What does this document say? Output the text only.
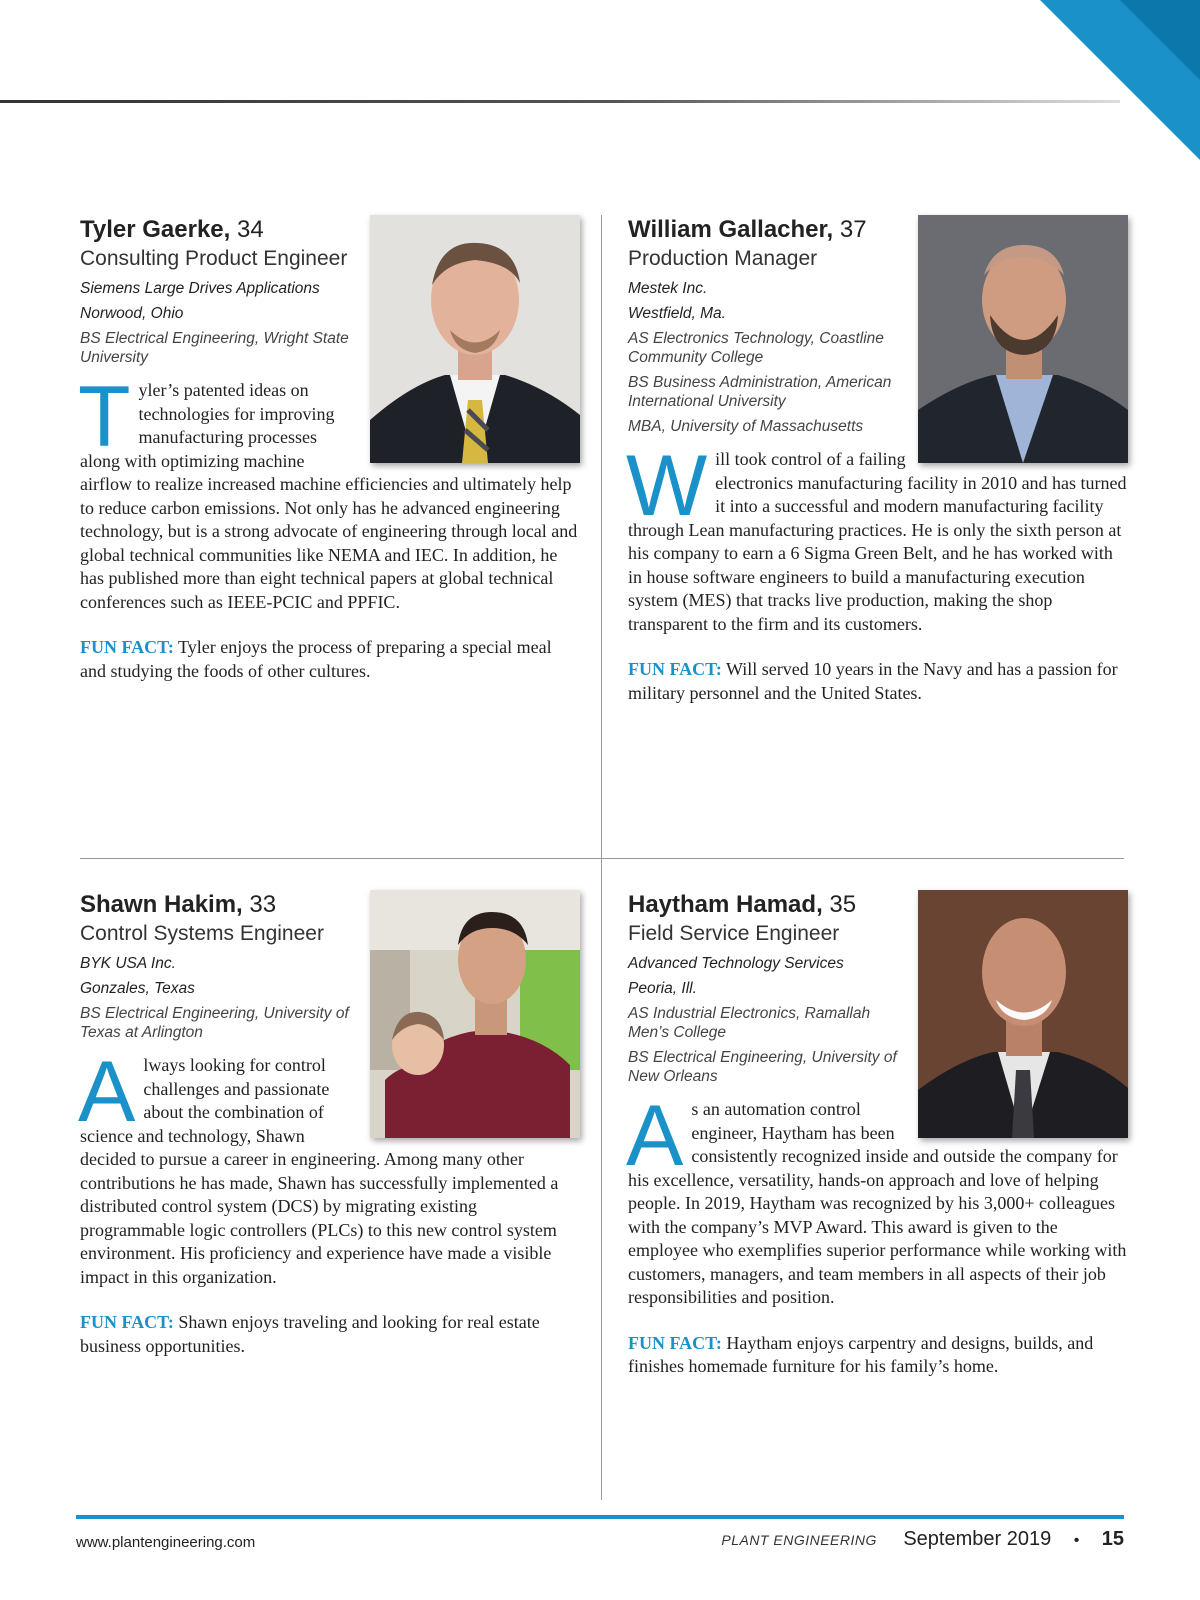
Tyler Gaerke, 34

Consulting Product Engineer

Siemens Large Drives Applications

Norwood, Ohio

BS Electrical Engineering, Wright State University

Tyler’s patented ideas on technologies for improving manufacturing processes along with optimizing machine airflow to realize increased machine efficiencies and ultimately help to reduce carbon emissions. Not only has he advanced engineering technology, but is a strong advocate of engineering through local and global technical communities like NEMA and IEC. In addition, he has published more than eight technical papers at global technical conferences such as IEEE-PCIC and PPFIC.

FUN FACT: Tyler enjoys the process of preparing a special meal and studying the foods of other cultures.

William Gallacher, 37

Production Manager

Mestek Inc.

Westfield, Ma.

AS Electronics Technology, Coastline Community College

BS Business Administration, American International University

MBA, University of Massachusetts

Will took control of a failing electronics manufacturing facility in 2010 and has turned it into a successful and modern manufacturing facility through Lean manufacturing practices. He is only the sixth person at his company to earn a 6 Sigma Green Belt, and he has worked with in house software engineers to build a manufacturing execution system (MES) that tracks live production, making the shop transparent to the firm and its customers.

FUN FACT: Will served 10 years in the Navy and has a passion for military personnel and the United States.

Shawn Hakim, 33

Control Systems Engineer

BYK USA Inc.

Gonzales, Texas

BS Electrical Engineering, University of Texas at Arlington

Always looking for control challenges and passionate about the combination of science and technology, Shawn decided to pursue a career in engineering. Among many other contributions he has made, Shawn has successfully implemented a distributed control system (DCS) by migrating existing programmable logic controllers (PLCs) to this new control system environment. His proficiency and experience have made a visible impact in this organization.

FUN FACT: Shawn enjoys traveling and looking for real estate business opportunities.

Haytham Hamad, 35

Field Service Engineer

Advanced Technology Services

Peoria, Ill.

AS Industrial Electronics, Ramallah Men’s College

BS Electrical Engineering, University of New Orleans

As an automation control engineer, Haytham has been consistently recognized inside and outside the company for his excellence, versatility, hands-on approach and love of helping people. In 2019, Haytham was recognized by his 3,000+ colleagues with the company’s MVP Award. This award is given to the employee who exemplifies superior performance while working with customers, managers, and team members in all aspects of their job responsibilities and position.

FUN FACT: Haytham enjoys carpentry and designs, builds, and finishes homemade furniture for his family’s home.

www.plantengineering.com	PLANT ENGINEERING September 2019 • 15
